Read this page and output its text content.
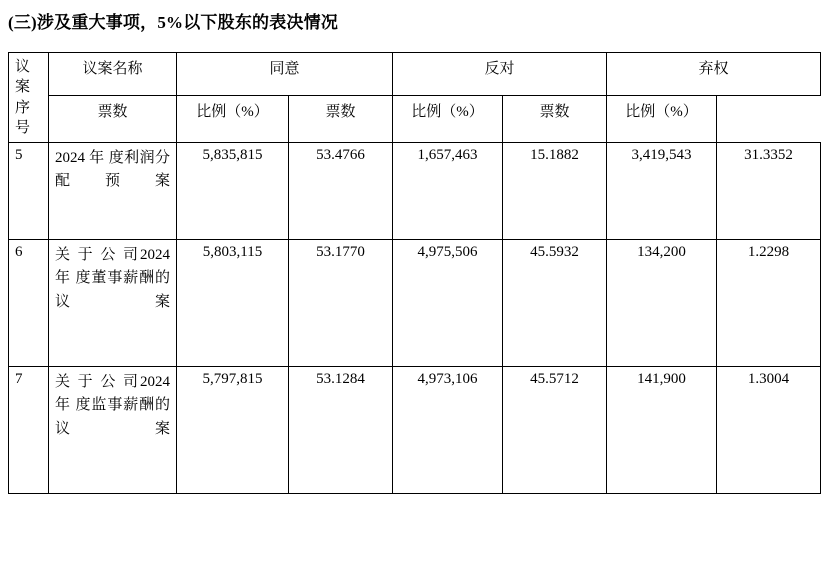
(三)涉及重大事项，5%以下股东的表决情况
议案序号	议案名称	同意		反对		弃权	
	票数	比例（%）	票数	比例（%）	票数	比例（%）	
5	2024 年 度利润分配预案	5,835,815	53.4766	1,657,463	15.1882	3,419,543	31.3352
6	关 于 公 司2024 年 度董事薪酬的议案	5,803,115	53.1770	4,975,506	45.5932	134,200	1.2298
7	关 于 公 司2024 年 度监事薪酬的议案	5,797,815	53.1284	4,973,106	45.5712	141,900	1.3004
